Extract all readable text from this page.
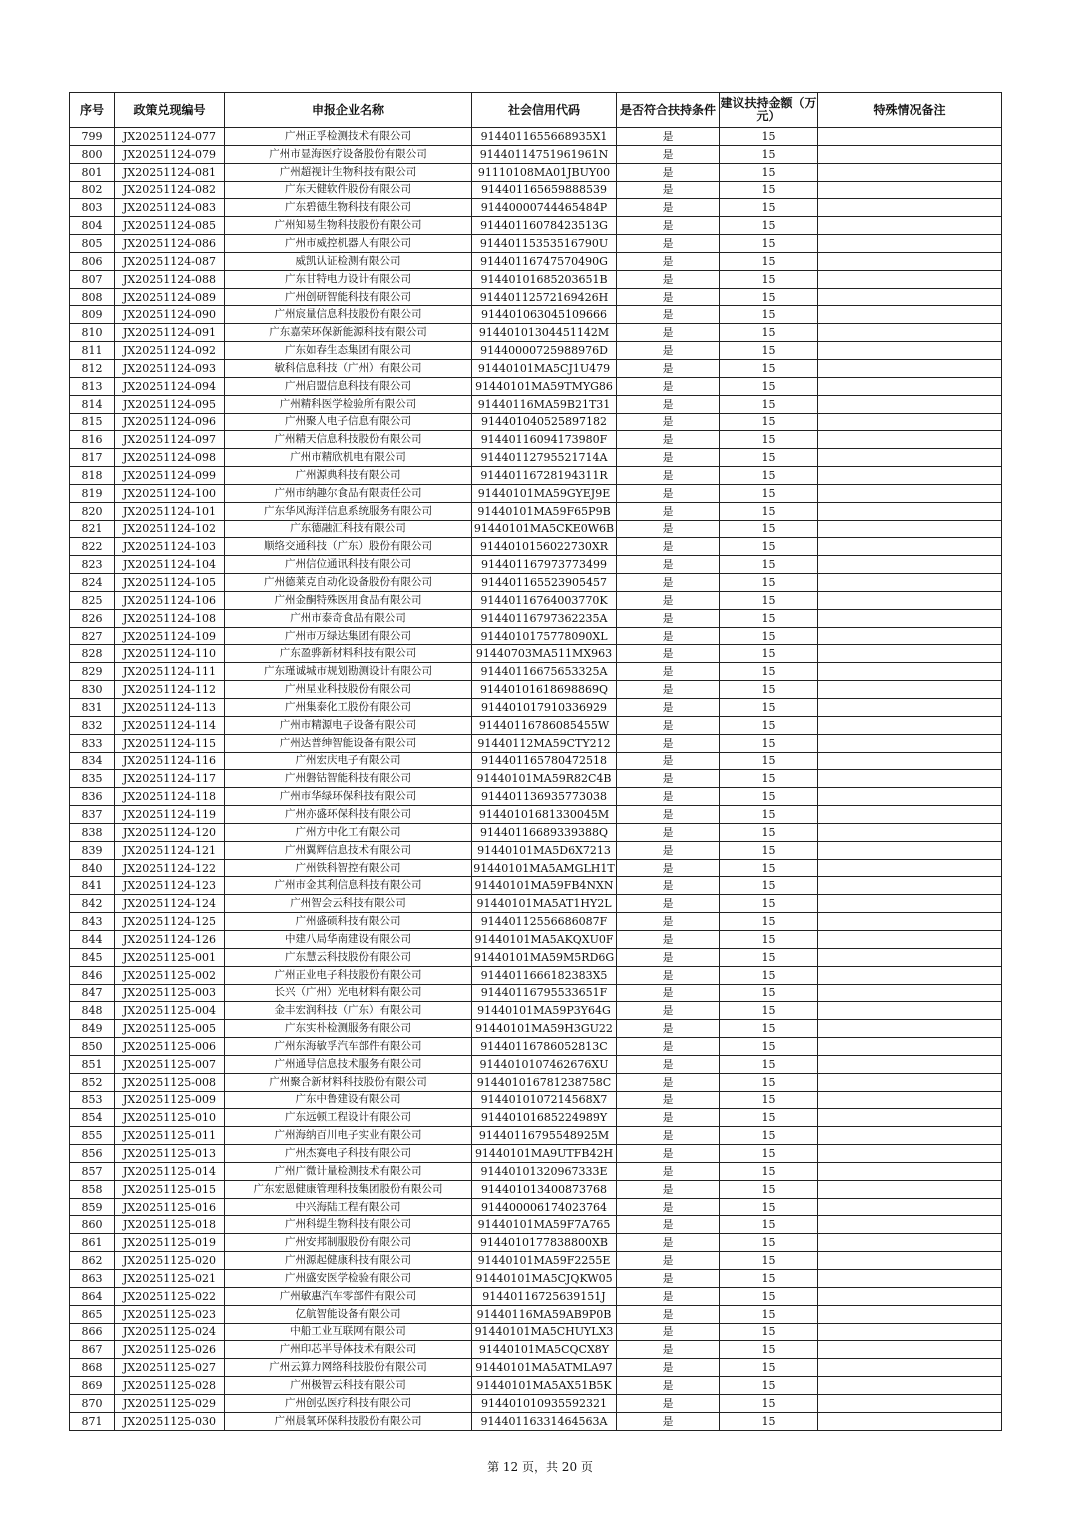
序号	政策兑现编号	申报企业名称	社会信用代码	是否符合扶持条件	建议扶持金额（万元）	特殊情况备注
799	JX20251124-077	广州正孚检测技术有限公司	9144011655668935X1	是	15	
800	JX20251124-079	广州市显海医疗设备股份有限公司	91440114751961961N	是	15	
801	JX20251124-081	广州超视计生物科技有限公司	91110108MA01JBUY00	是	15	
802	JX20251124-082	广东天健软件股份有限公司	914401165659888539	是	15	
803	JX20251124-083	广东碧德生物科技有限公司	91440000744465484P	是	15	
804	JX20251124-085	广州知易生物科技股份有限公司	91440116078423513G	是	15	
805	JX20251124-086	广州市威控机器人有限公司	91440115353516790U	是	15	
806	JX20251124-087	威凯认证检测有限公司	91440116747570490G	是	15	
807	JX20251124-088	广东甘特电力设计有限公司	91440101685203651B	是	15	
808	JX20251124-089	广州创研智能科技有限公司	91440112572169426H	是	15	
809	JX20251124-090	广州宸量信息科技股份有限公司	914401063045109666	是	15	
810	JX20251124-091	广东嘉荣环保新能源科技有限公司	91440101304451142M	是	15	
811	JX20251124-092	广东如春生态集团有限公司	91440000725988976D	是	15	
812	JX20251124-093	敏科信息科技（广州）有限公司	91440101MA5CJ1U479	是	15	
813	JX20251124-094	广州启盟信息科技有限公司	91440101MA59TMYG86	是	15	
814	JX20251124-095	广州精科医学检验所有限公司	91440116MA59B21T31	是	15	
815	JX20251124-096	广州聚人电子信息有限公司	914401040525897182	是	15	
816	JX20251124-097	广州精天信息科技股份有限公司	91440116094173980F	是	15	
817	JX20251124-098	广州市精欣机电有限公司	91440112795521714A	是	15	
818	JX20251124-099	广州源典科技有限公司	91440116728194311R	是	15	
819	JX20251124-100	广州市纳趣尔食品有限责任公司	91440101MA59GYEJ9E	是	15	
820	JX20251124-101	广东华风海洋信息系统服务有限公司	91440101MA59F65P9B	是	15	
821	JX20251124-102	广东德融汇科技有限公司	91440101MA5CKE0W6B	是	15	
822	JX20251124-103	顺络交通科技（广东）股份有限公司	9144010156022730XR	是	15	
823	JX20251124-104	广州信位通讯科技有限公司	914401167973773499	是	15	
824	JX20251124-105	广州德莱克自动化设备股份有限公司	914401165523905457	是	15	
825	JX20251124-106	广州金酮特殊医用食品有限公司	91440116764003770K	是	15	
826	JX20251124-108	广州市泰奇食品有限公司	91440116797362235A	是	15	
827	JX20251124-109	广州市万绿达集团有限公司	9144010175778090XL	是	15	
828	JX20251124-110	广东盈骅新材料科技有限公司	91440703MA511MX963	是	15	
829	JX20251124-111	广东瑾诚城市规划勘测设计有限公司	91440116675653325A	是	15	
830	JX20251124-112	广州星业科技股份有限公司	91440101618698869Q	是	15	
831	JX20251124-113	广州集泰化工股份有限公司	914401017910336929	是	15	
832	JX20251124-114	广州市精源电子设备有限公司	91440116786085455W	是	15	
833	JX20251124-115	广州达普绅智能设备有限公司	91440112MA59CTY212	是	15	
834	JX20251124-116	广州宏庆电子有限公司	914401165780472518	是	15	
835	JX20251124-117	广州磐钴智能科技有限公司	91440101MA59R82C4B	是	15	
836	JX20251124-118	广州市华绿环保科技有限公司	914401136935773038	是	15	
837	JX20251124-119	广州亦盛环保科技有限公司	91440101681330045M	是	15	
838	JX20251124-120	广州方中化工有限公司	91440116689339388Q	是	15	
839	JX20251124-121	广州翼辉信息技术有限公司	91440101MA5D6X7213	是	15	
840	JX20251124-122	广州铁科智控有限公司	91440101MA5AMGLH1T	是	15	
841	JX20251124-123	广州市金其利信息科技有限公司	91440101MA59FB4NXN	是	15	
842	JX20251124-124	广州智会云科技有限公司	91440101MA5AT1HY2L	是	15	
843	JX20251124-125	广州盛硕科技有限公司	91440112556686087F	是	15	
844	JX20251124-126	中建八局华南建设有限公司	91440101MA5AKQXU0F	是	15	
845	JX20251125-001	广东慧云科技股份有限公司	91440101MA59M5RD6G	是	15	
846	JX20251125-002	广州正业电子科技股份有限公司	9144011666182383X5	是	15	
847	JX20251125-003	长兴（广州）光电材料有限公司	91440116795533651F	是	15	
848	JX20251125-004	金丰宏润科技（广东）有限公司	91440101MA59P3Y64G	是	15	
849	JX20251125-005	广东实朴检测服务有限公司	91440101MA59H3GU22	是	15	
850	JX20251125-006	广州东海敏孚汽车部件有限公司	91440116786052813C	是	15	
851	JX20251125-007	广州通导信息技术服务有限公司	9144010107462676XU	是	15	
852	JX20251125-008	广州聚合新材料科技股份有限公司	914401016781238758C	是	15	
853	JX20251125-009	广东中鲁建设有限公司	9144010107214568X7	是	15	
854	JX20251125-010	广东远顿工程设计有限公司	91440101685224989Y	是	15	
855	JX20251125-011	广州海纳百川电子实业有限公司	91440116795548925M	是	15	
856	JX20251125-013	广州杰赛电子科技有限公司	91440101MA9UTFB42H	是	15	
857	JX20251125-014	广州广微计量检测技术有限公司	91440101320967333E	是	15	
858	JX20251125-015	广东宏恩健康管理科技集团股份有限公司	914401013400873768	是	15	
859	JX20251125-016	中兴海陆工程有限公司	914400006174023764	是	15	
860	JX20251125-018	广州科缇生物科技有限公司	91440101MA59F7A765	是	15	
861	JX20251125-019	广州安邦制服股份有限公司	9144010177838800XB	是	15	
862	JX20251125-020	广州源起健康科技有限公司	91440101MA59F2255E	是	15	
863	JX20251125-021	广州盛安医学检验有限公司	91440101MA5CJQKW05	是	15	
864	JX20251125-022	广州敏惠汽车零部件有限公司	91440116725639151J	是	15	
865	JX20251125-023	亿航智能设备有限公司	91440116MA59AB9P0B	是	15	
866	JX20251125-024	中船工业互联网有限公司	91440101MA5CHUYLX3	是	15	
867	JX20251125-026	广州印芯半导体技术有限公司	91440101MA5CQCX8Y	是	15	
868	JX20251125-027	广州云算力网络科技股份有限公司	91440101MA5ATMLA97	是	15	
869	JX20251125-028	广州极智云科技有限公司	91440101MA5AX51B5K	是	15	
870	JX20251125-029	广州创弘医疗科技有限公司	914401010935592321	是	15	
871	JX20251125-030	广州晨氧环保科技股份有限公司	91440116331464563A	是	15	
第 12 页，共 20 页
